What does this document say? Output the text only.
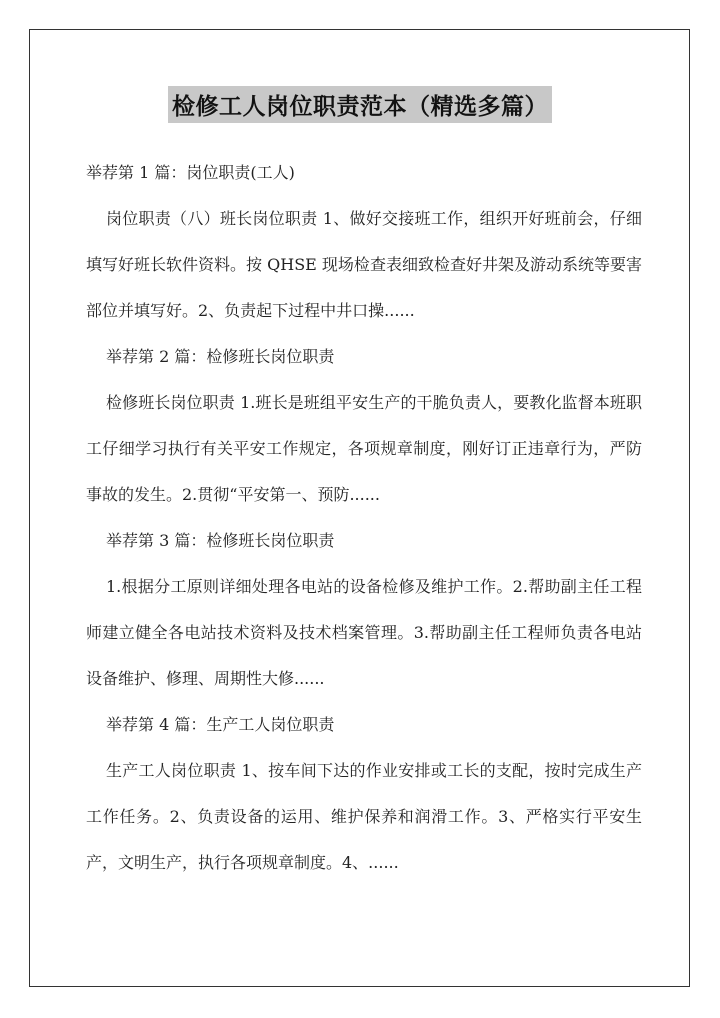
检修工人岗位职责范本（精选多篇）

举荐第 1 篇：岗位职责(工人)

岗位职责（八）班长岗位职责 1、做好交接班工作，组织开好班前会，仔细填写好班长软件资料。按 QHSE 现场检查表细致检查好井架及游动系统等要害部位并填写好。2、负责起下过程中井口操......

举荐第 2 篇：检修班长岗位职责

检修班长岗位职责 1.班长是班组平安生产的干脆负责人，要教化监督本班职工仔细学习执行有关平安工作规定，各项规章制度，刚好订正违章行为，严防事故的发生。2.贯彻“平安第一、预防......

举荐第 3 篇：检修班长岗位职责

1.根据分工原则详细处理各电站的设备检修及维护工作。2.帮助副主任工程师建立健全各电站技术资料及技术档案管理。3.帮助副主任工程师负责各电站设备维护、修理、周期性大修......

举荐第 4 篇：生产工人岗位职责

生产工人岗位职责 1、按车间下达的作业安排或工长的支配，按时完成生产工作任务。2、负责设备的运用、维护保养和润滑工作。3、严格实行平安生产，文明生产，执行各项规章制度。4、......
